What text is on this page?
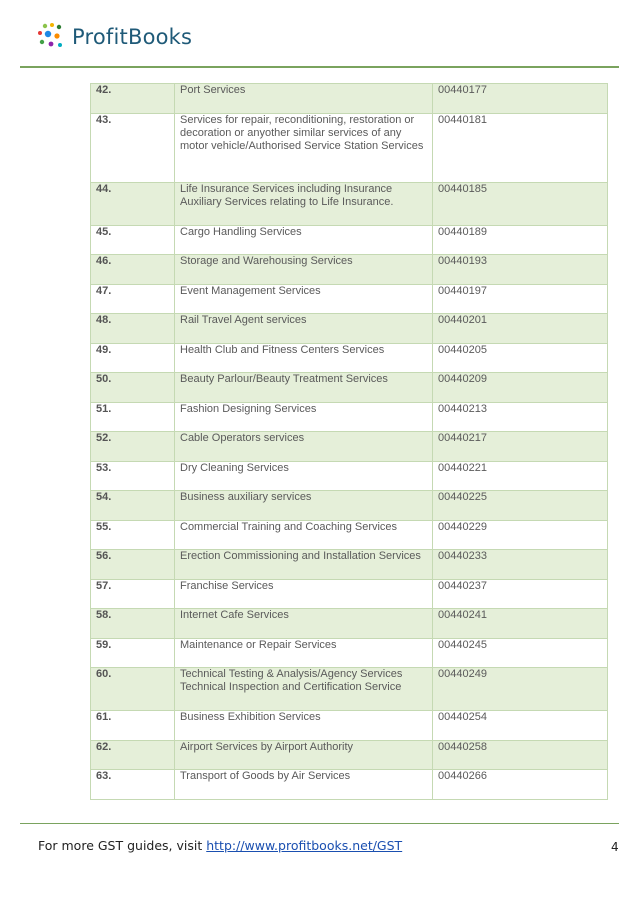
ProfitBooks
42.	Port Services	00440177
43.	Services for repair, reconditioning, restoration or decoration or anyother similar services of any motor vehicle/Authorised Service Station Services	00440181
44.	Life Insurance Services including Insurance Auxiliary Services relating to Life Insurance.	00440185
45.	Cargo Handling Services	00440189
46.	Storage and Warehousing Services	00440193
47.	Event Management Services	00440197
48.	Rail Travel Agent services	00440201
49.	Health Club and Fitness Centers Services	00440205
50.	Beauty Parlour/Beauty Treatment Services	00440209
51.	Fashion Designing Services	00440213
52.	Cable Operators services	00440217
53.	Dry Cleaning Services	00440221
54.	Business auxiliary services	00440225
55.	Commercial Training and Coaching Services	00440229
56.	Erection Commissioning and Installation Services	00440233
57.	Franchise Services	00440237
58.	Internet Cafe Services	00440241
59.	Maintenance or Repair Services	00440245
60.	Technical Testing & Analysis/Agency Services Technical Inspection and Certification Service	00440249
61.	Business Exhibition Services	00440254
62.	Airport Services by Airport Authority	00440258
63.	Transport of Goods by Air Services	00440266
For more GST guides, visit http://www.profitbooks.net/GST	4
